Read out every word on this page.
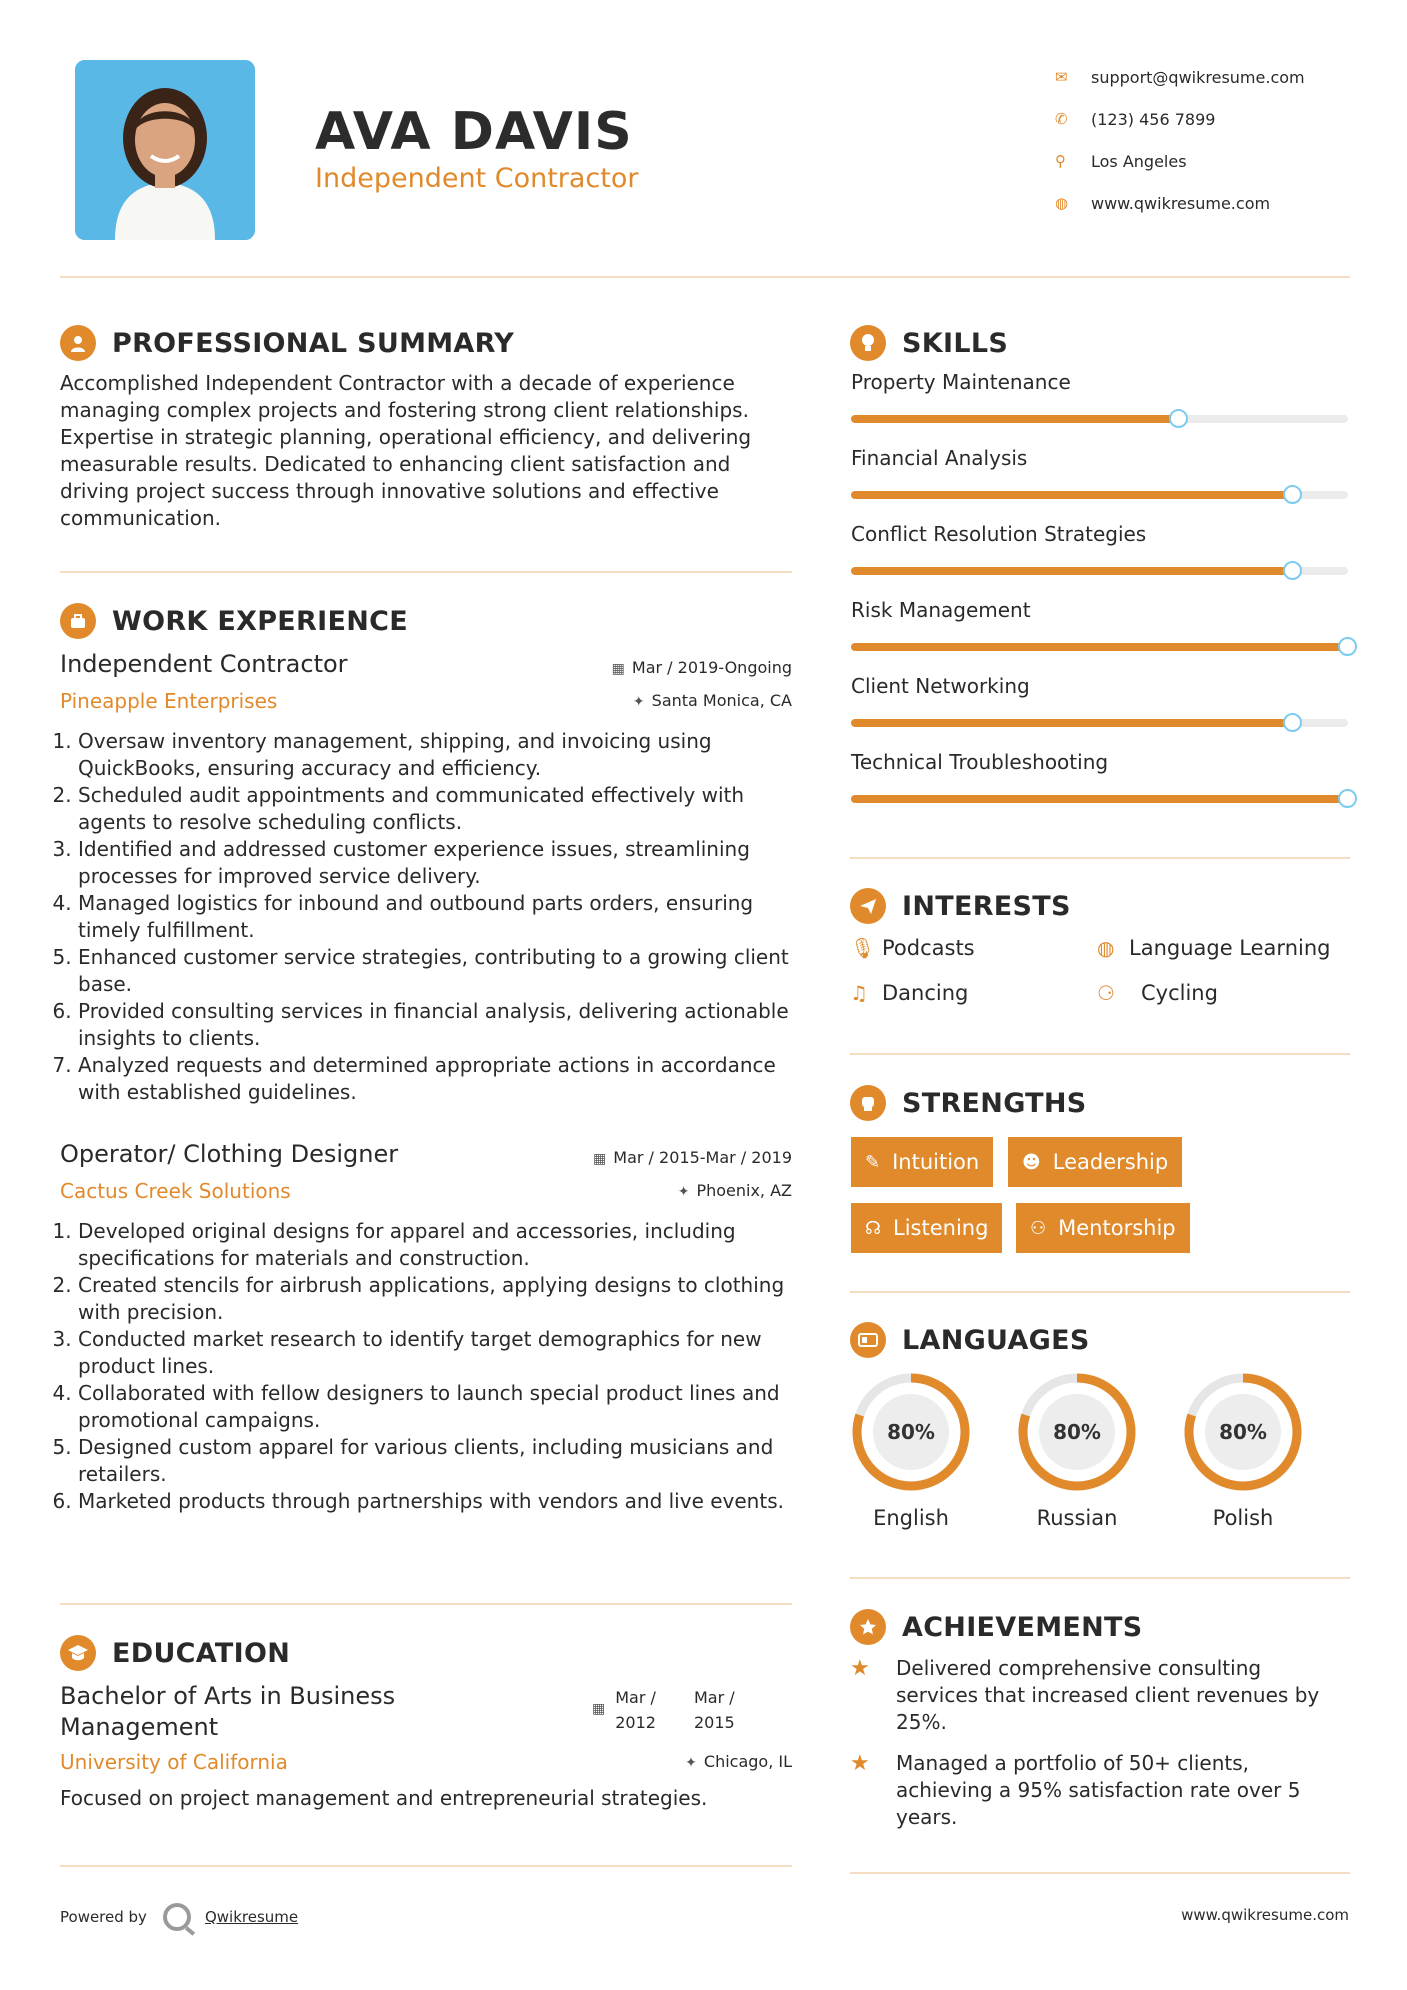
AVA DAVIS
Independent Contractor
✉	support@qwikresume.com
✆	(123) 456 7899
⚲	Los Angeles
◍	www.qwikresume.com
PROFESSIONAL SUMMARY
Accomplished Independent Contractor with a decade of experience managing complex projects and fostering strong client relationships. Expertise in strategic planning, operational efficiency, and delivering measurable results. Dedicated to enhancing client satisfaction and driving project success through innovative solutions and effective communication.
WORK EXPERIENCE
Independent Contractor
Pineapple Enterprises
▦ Mar / 2019-Ongoing
✦ Santa Monica, CA
1. Oversaw inventory management, shipping, and invoicing using QuickBooks, ensuring accuracy and efficiency.
2. Scheduled audit appointments and communicated effectively with agents to resolve scheduling conflicts.
3. Identified and addressed customer experience issues, streamlining processes for improved service delivery.
4. Managed logistics for inbound and outbound parts orders, ensuring timely fulfillment.
5. Enhanced customer service strategies, contributing to a growing client base.
6. Provided consulting services in financial analysis, delivering actionable insights to clients.
7. Analyzed requests and determined appropriate actions in accordance with established guidelines.
Operator/ Clothing Designer
Cactus Creek Solutions
▦ Mar / 2015-Mar / 2019
✦ Phoenix, AZ
1. Developed original designs for apparel and accessories, including specifications for materials and construction.
2. Created stencils for airbrush applications, applying designs to clothing with precision.
3. Conducted market research to identify target demographics for new product lines.
4. Collaborated with fellow designers to launch special product lines and promotional campaigns.
5. Designed custom apparel for various clients, including musicians and retailers.
6. Marketed products through partnerships with vendors and live events.
EDUCATION
Bachelor of Arts in Business
Management
University of California
▦
Mar /
2012
Mar /
2015
✦ Chicago, IL
Focused on project management and entrepreneurial strategies.
SKILLS
Property Maintenance
Financial Analysis
Conflict Resolution Strategies
Risk Management
Client Networking
Technical Troubleshooting
INTERESTS
🎙 Podcasts	◍ Language Learning
♫ Dancing	⚆	Cycling
STRENGTHS
✎ Intuition ☻ Leadership
☊ Listening ⚇ Mentorship
LANGUAGES
80%
English
80%
Russian
80%
Polish
ACHIEVEMENTS
★	Delivered comprehensive consulting services that increased client revenues by 25%.
★	Managed a portfolio of 50+ clients, achieving a 95% satisfaction rate over 5 years.
Powered by	Qwikresume	www.qwikresume.com
